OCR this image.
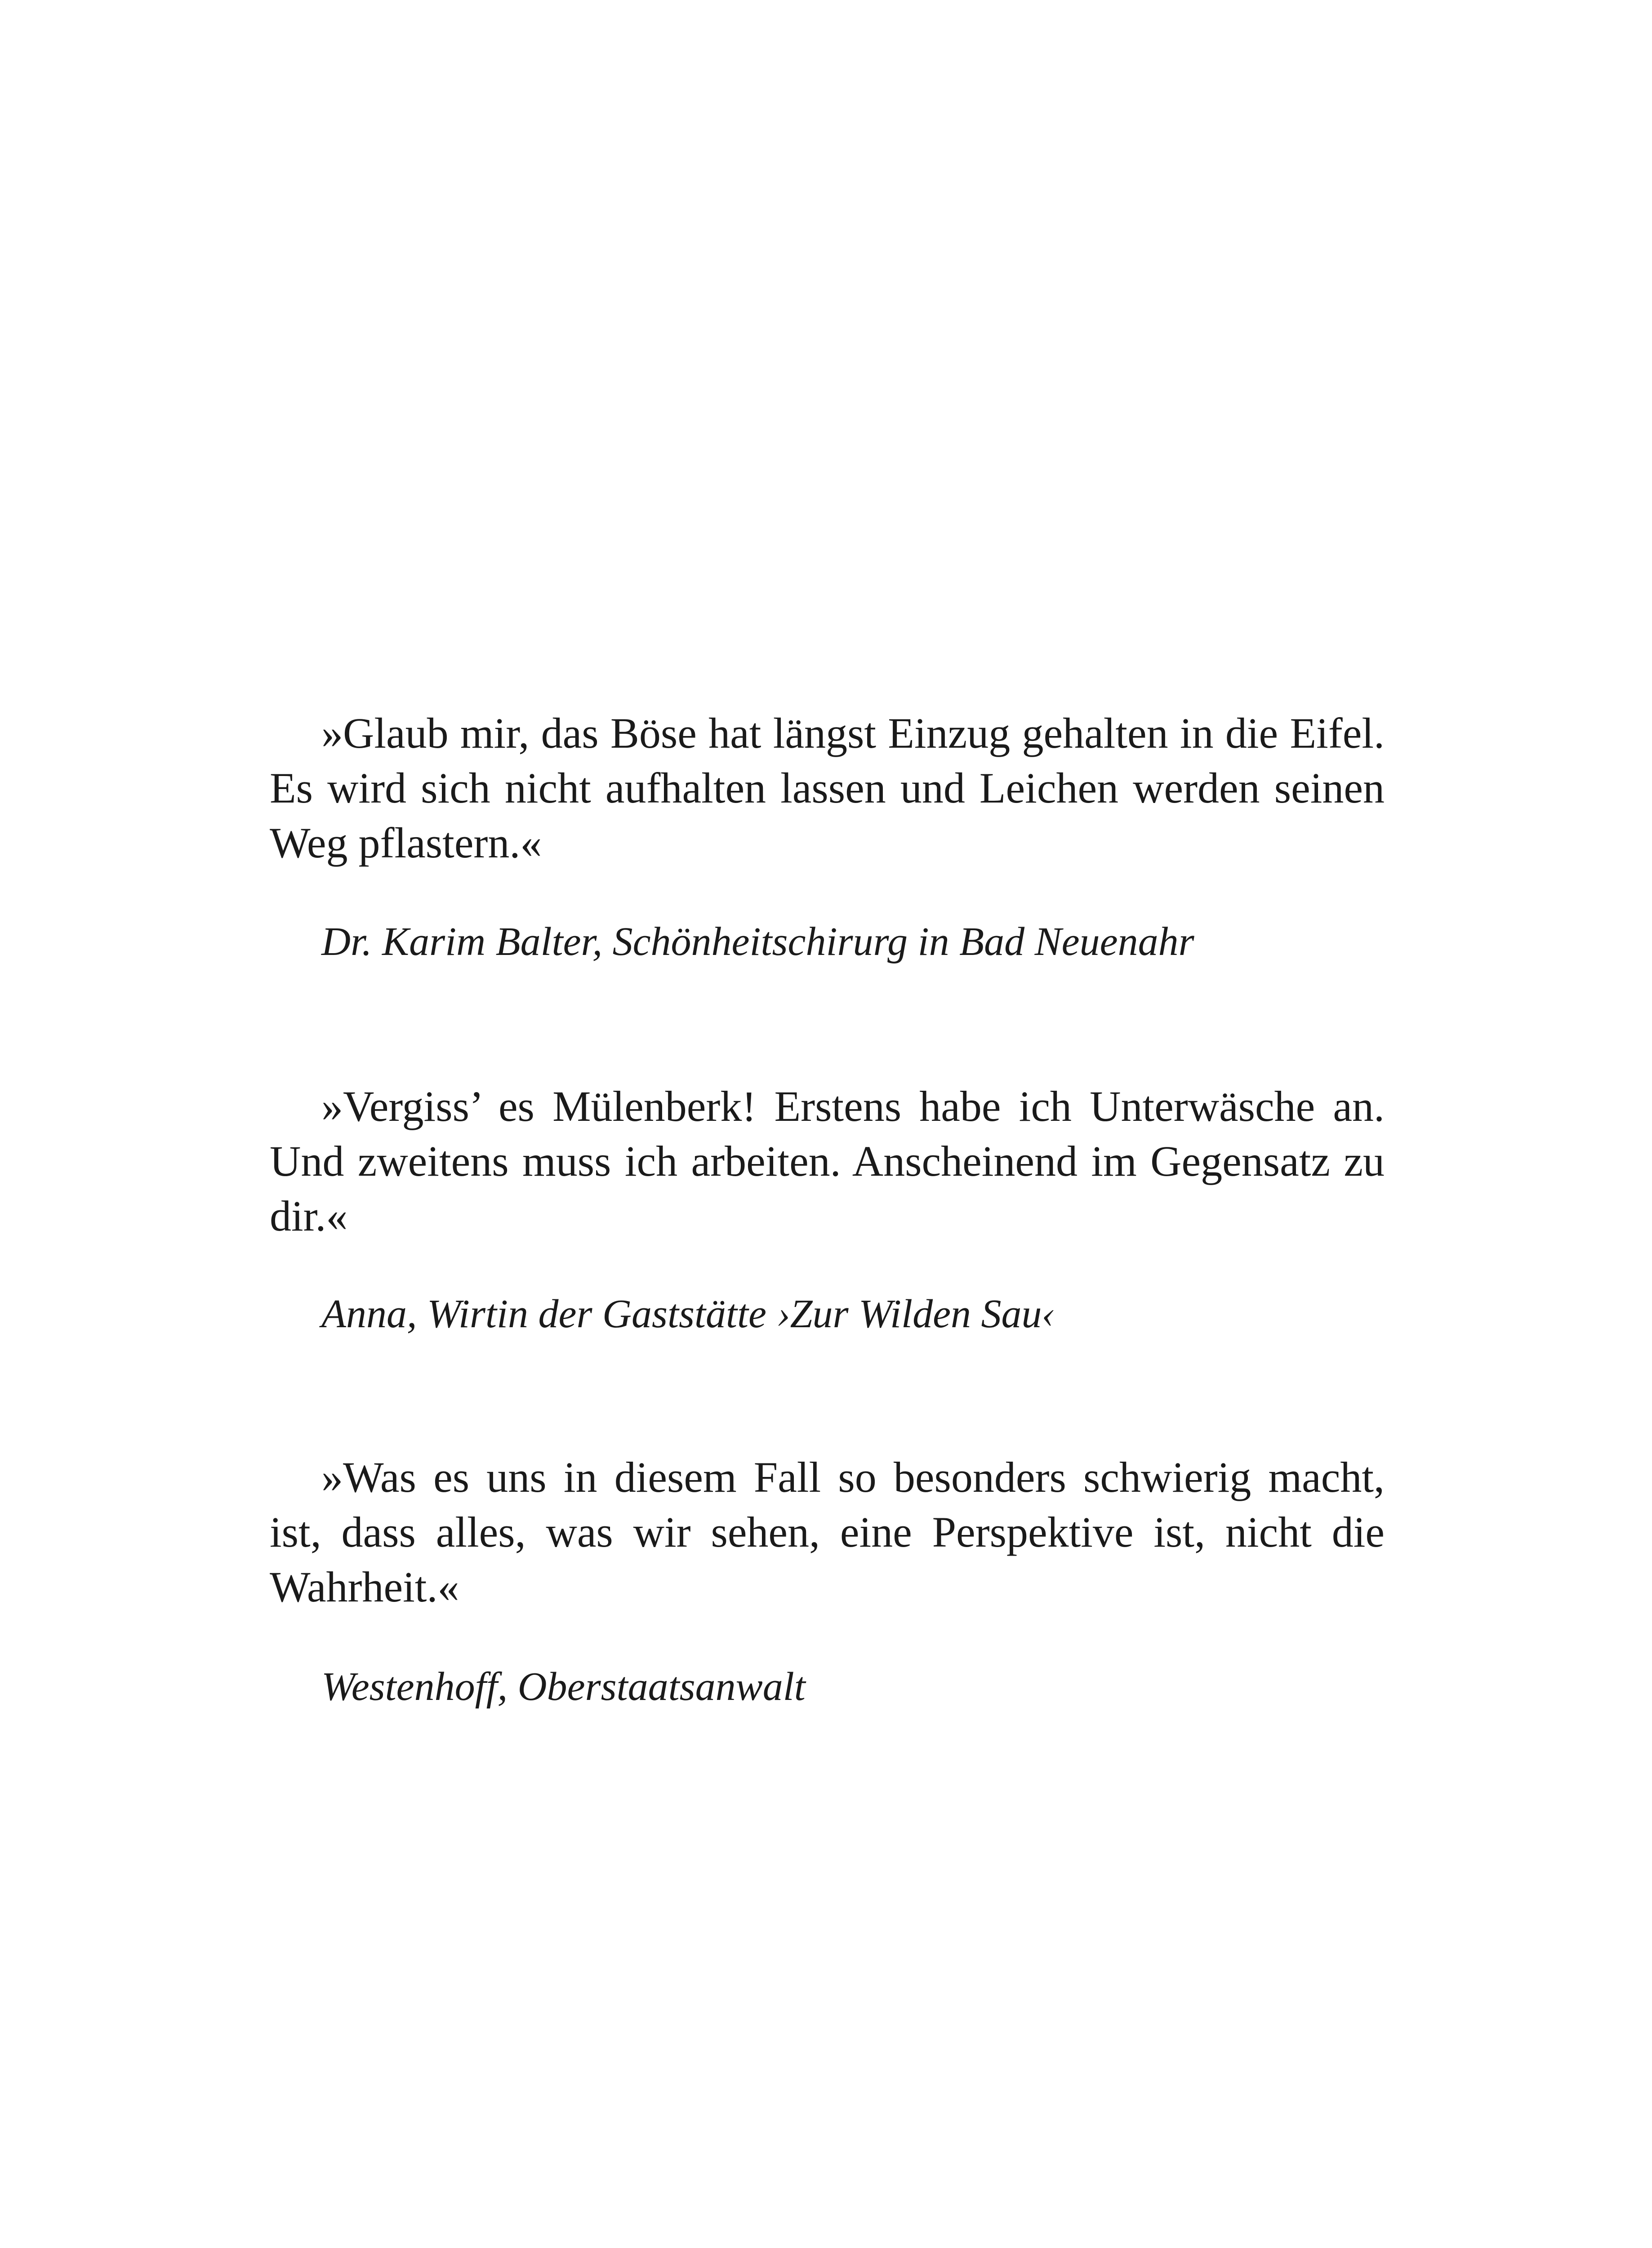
»Glaub mir, das Böse hat längst Einzug gehalten in die Eifel. Es wird sich nicht aufhalten lassen und Leichen werden seinen Weg pflastern.«

Dr. Karim Balter, Schönheitschirurg in Bad Neuenahr

»Vergiss’ es Mülenberk! Erstens habe ich Unterwäsche an. Und zweitens muss ich arbeiten. Anscheinend im Gegensatz zu dir.«

Anna, Wirtin der Gaststätte ›Zur Wilden Sau‹

»Was es uns in diesem Fall so besonders schwierig macht, ist, dass alles, was wir sehen, eine Perspektive ist, nicht die Wahrheit.«

Westenhoff, Oberstaatsanwalt
